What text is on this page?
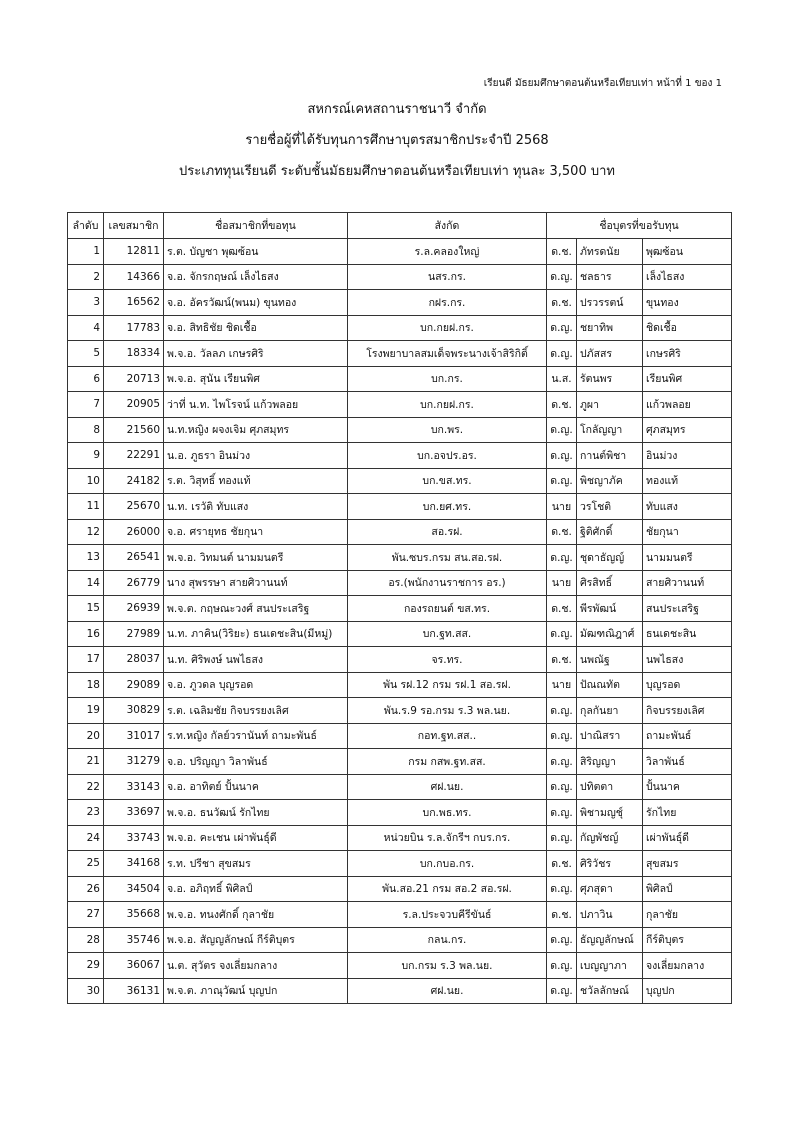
เรียนดี มัธยมศึกษาตอนต้นหรือเทียบเท่า หน้าที่ 1 ของ 1
สหกรณ์เคหสถานราชนาวี จำกัด
รายชื่อผู้ที่ได้รับทุนการศึกษาบุตรสมาชิกประจำปี 2568
ประเภททุนเรียนดี ระดับชั้นมัธยมศึกษาตอนต้นหรือเทียบเท่า ทุนละ 3,500 บาท
ลำดับ	เลขสมาชิก	ชื่อสมาชิกที่ขอทุน	สังกัด	ชื่อบุตรที่ขอรับทุน		
1	12811	ร.ต. บัญชา พุฒซ้อน	ร.ล.คลองใหญ่	ด.ช.	ภัทรดนัย	พุฒซ้อน
2	14366	จ.อ. จักรกฤษณ์ เล็งไธสง	นสร.กร.	ด.ญ.	ชลธาร	เล็งไธสง
3	16562	จ.อ. อัครวัฒน์(พนม) ขุนทอง	กฝร.กร.	ด.ช.	ปรวรรตน์	ขุนทอง
4	17783	จ.อ. สิทธิชัย ชิดเชื้อ	บก.กยฝ.กร.	ด.ญ.	ชยาทิพ	ชิดเชื้อ
5	18334	พ.จ.อ. วัลลภ เกษรศิริ	โรงพยาบาลสมเด็จพระนางเจ้าสิริกิติ์	ด.ญ.	ปภัสสร	เกษรศิริ
6	20713	พ.จ.อ. สุนัน เรียนพิศ	บก.กร.	น.ส.	รัตนพร	เรียนพิศ
7	20905	ว่าที่ น.ท. ไพโรจน์ แก้วพลอย	บก.กยฝ.กร.	ด.ช.	ภูผา	แก้วพลอย
8	21560	น.ท.หญิง ผจงเจิม ศุภสมุทร	บก.พร.	ด.ญ.	โกลัญญา	ศุภสมุทร
9	22291	น.อ. ภูธรา อินม่วง	บก.อจปร.อร.	ด.ญ.	กานต์พิชา	อินม่วง
10	24182	ร.ต. วิสุทธิ์ ทองแท้	บก.ขส.ทร.	ด.ญ.	พิชญาภัค	ทองแท้
11	25670	น.ท. เรวัติ ทับแสง	บก.ยศ.ทร.	นาย	วรโชติ	ทับแสง
12	26000	จ.อ. ศรายุทธ ชัยกุนา	สอ.รฝ.	ด.ช.	ฐิติศักดิ์	ชัยกุนา
13	26541	พ.จ.อ. วิทมนต์ นามมนตรี	พัน.ซบร.กรม สน.สอ.รฝ.	ด.ญ.	ชุดาธัญญ์	นามมนตรี
14	26779	นาง สุพรรษา สายศิวานนท์	อร.(พนักงานราชการ อร.)	นาย	ศิรสิทธิ์	สายศิวานนท์
15	26939	พ.จ.ต. กฤษณะวงศ์ สนประเสริฐ	กองรถยนต์ ขส.ทร.	ด.ช.	พีรพัฒน์	สนประเสริฐ
16	27989	น.ท. ภาคิน(วิริยะ) ธนเดชะสิน(มีหมู่)	บก.ฐท.สส.	ด.ญ.	มัฒฑณิฎาศ์	ธนเดชะสิน
17	28037	น.ท. ศิริพงษ์ นพไธสง	จร.ทร.	ด.ช.	นพณัฐ	นพไธสง
18	29089	จ.อ. ภูวดล บุญรอด	พัน รฝ.12 กรม รฝ.1 สอ.รฝ.	นาย	ปัณณทัต	บุญรอด
19	30829	ร.ต. เฉลิมชัย กิจบรรยงเลิศ	พัน.ร.9 รอ.กรม ร.3 พล.นย.	ด.ญ.	กุลกันยา	กิจบรรยงเลิศ
20	31017	ร.ท.หญิง กัลย์วรานันท์ ถามะพันธ์	กอท.ฐท.สส..	ด.ญ.	ปาณิสรา	ถามะพันธ์
21	31279	จ.อ. ปริญญา วิลาพันธ์	กรม กสพ.ฐท.สส.	ด.ญ.	สิริญญา	วิลาพันธ์
22	33143	จ.อ. อาทิตย์ ปั้นนาค	ศฝ.นย.	ด.ญ.	ปทิตตา	ปั้นนาค
23	33697	พ.จ.อ. ธนวัฒน์ รักไทย	บก.พธ.ทร.	ด.ญ.	พิชามญชุ์	รักไทย
24	33743	พ.จ.อ. คะเชน เผ่าพันธุ์ดี	หน่วยบิน ร.ล.จักรีฯ กบร.กร.	ด.ญ.	กัญพัชญ์	เผ่าพันธุ์ดี
25	34168	ร.ท. ปรีชา สุขสมร	บก.กบอ.กร.	ด.ช.	ศิริวัชร	สุขสมร
26	34504	จ.อ. อภิฤทธิ์ พิศิลป์	พัน.สอ.21 กรม สอ.2 สอ.รฝ.	ด.ญ.	ศุภสุดา	พิศิลป์
27	35668	พ.จ.อ. ทนงศักดิ์ กุลาชัย	ร.ล.ประจวบคีรีขันธ์	ด.ช.	ปภาวิน	กุลาชัย
28	35746	พ.จ.อ. สัญญลักษณ์ กีร์ติบุตร	กลน.กร.	ด.ญ.	ธัญญลักษณ์	กีร์ติบุตร
29	36067	น.ต. สุวัตร จงเลี่ยมกลาง	บก.กรม ร.3 พล.นย.	ด.ญ.	เบญญาภา	จงเลี่ยมกลาง
30	36131	พ.จ.ต. ภาณุวัฒน์ บุญปก	ศฝ.นย.	ด.ญ.	ชวัลลักษณ์	บุญปก
